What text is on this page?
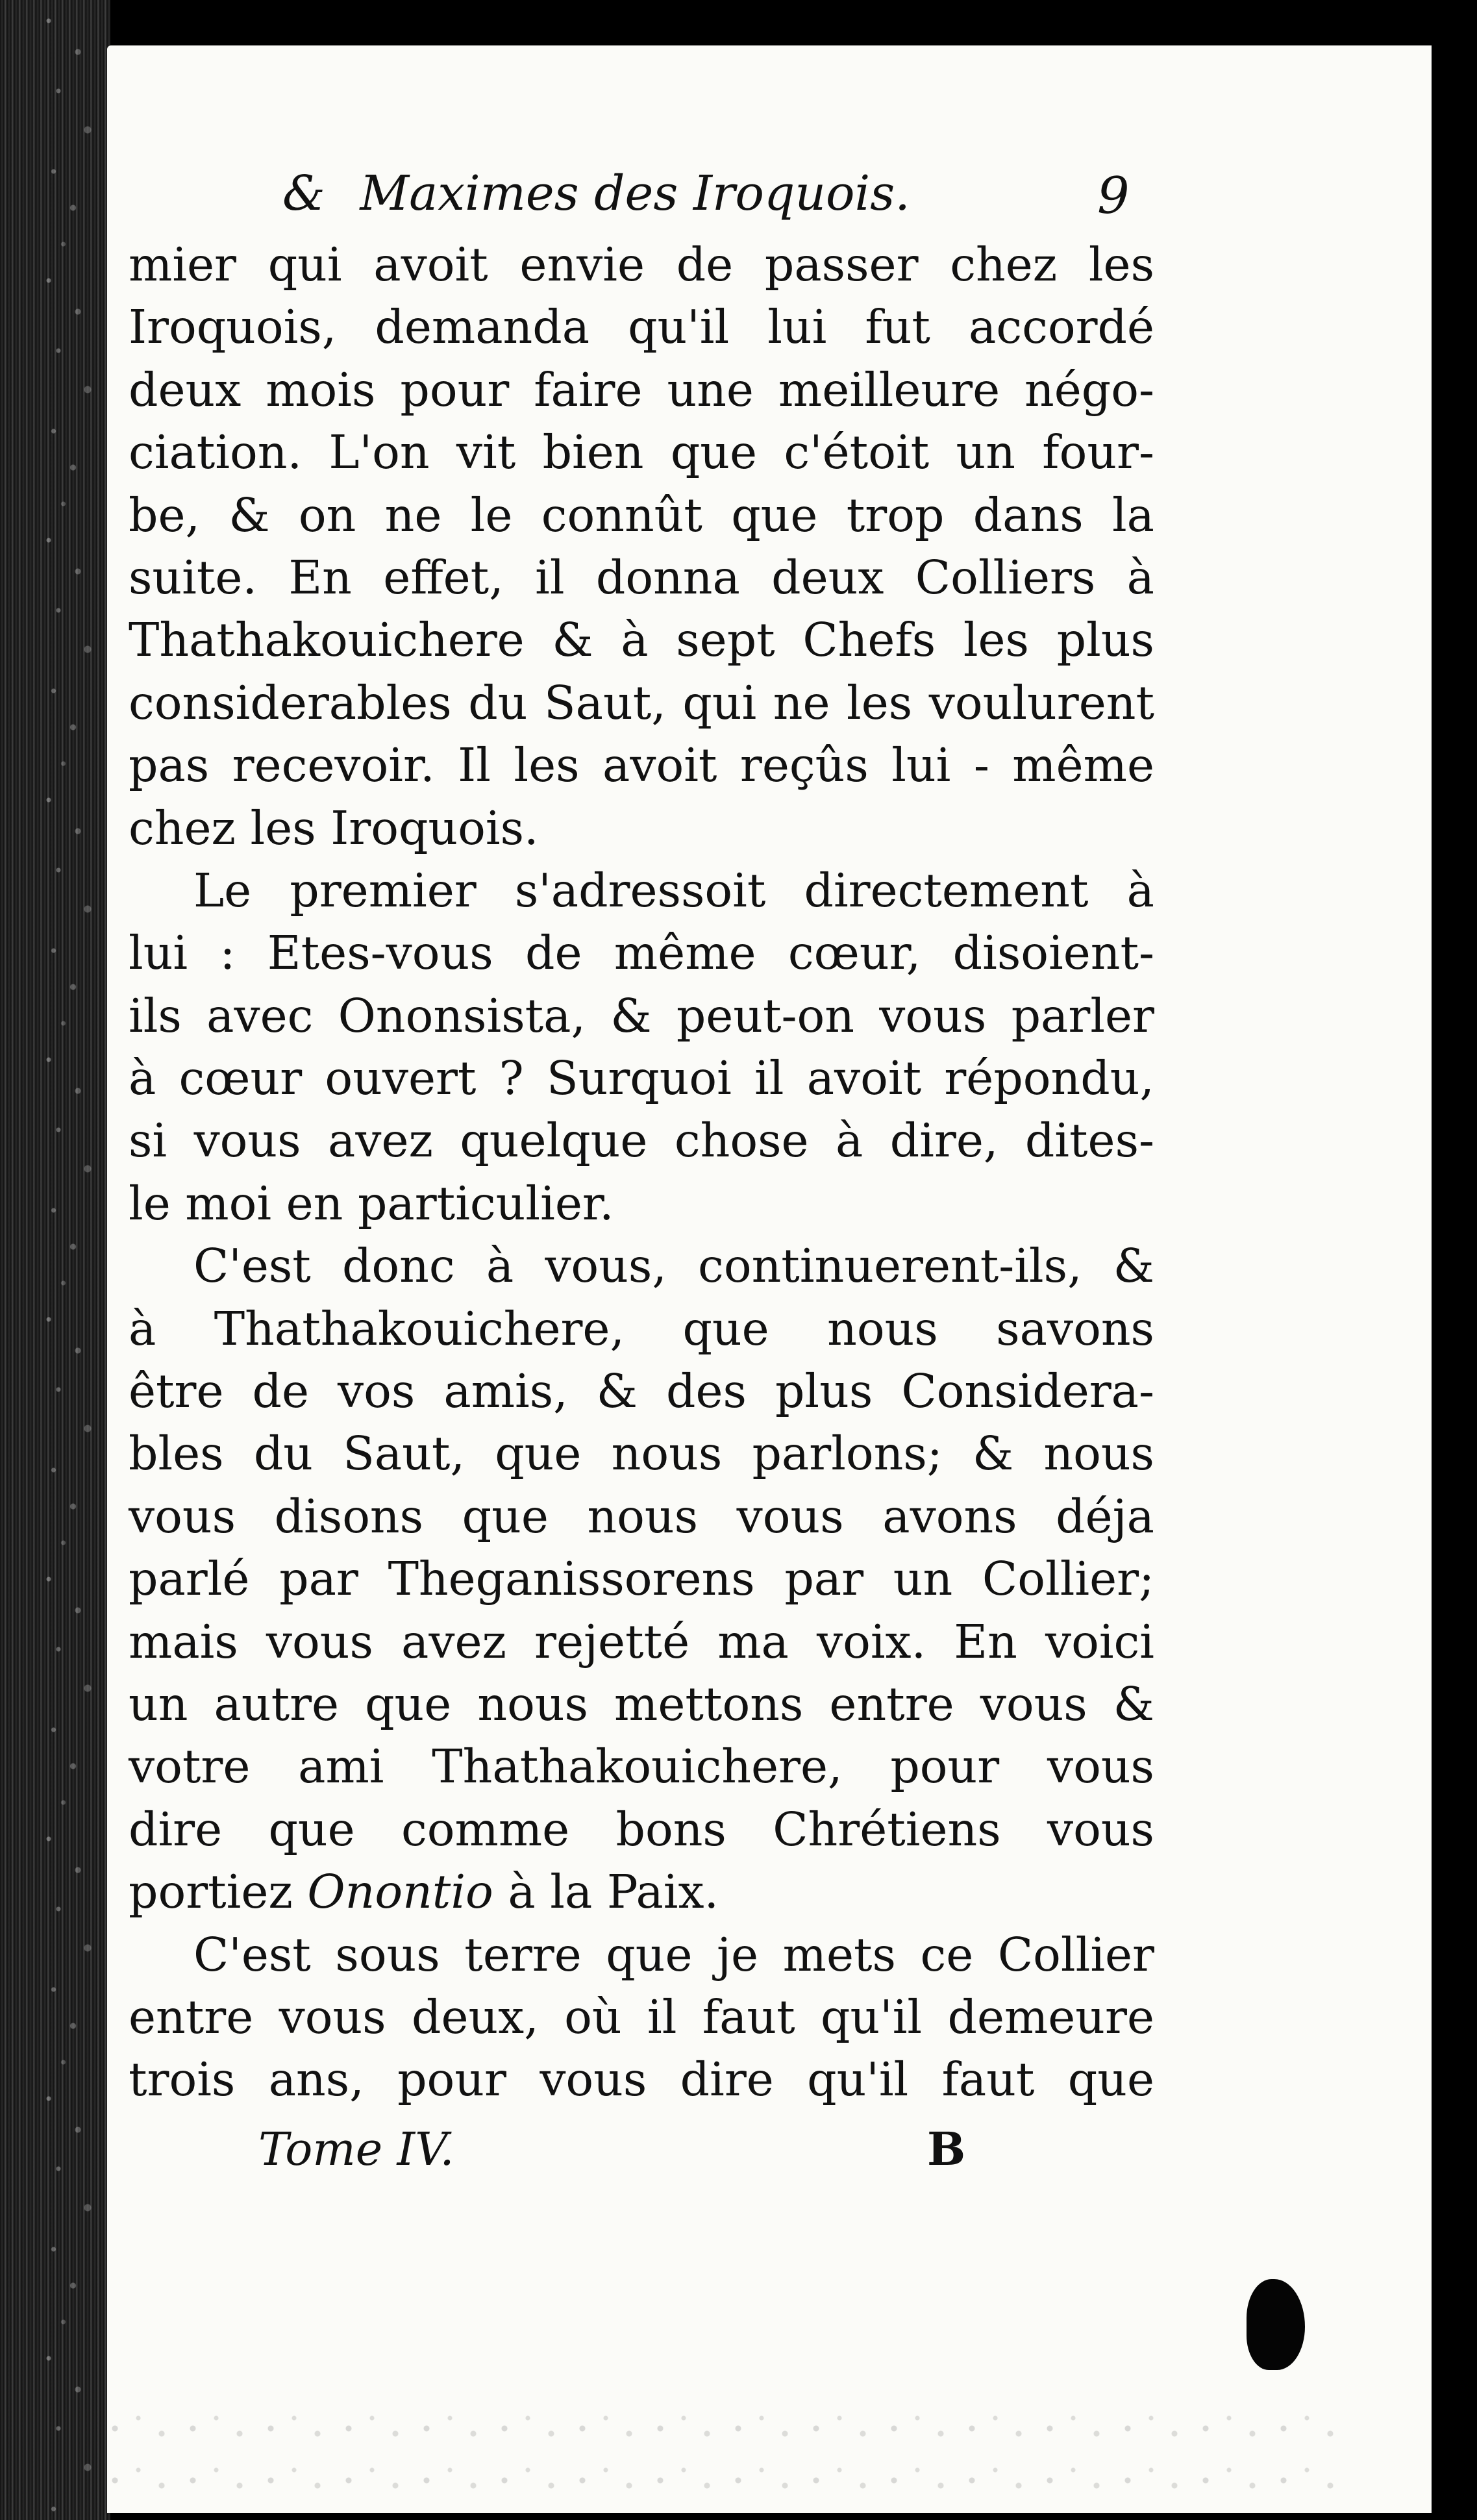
& Maximes des Iroquois.	9
mier qui avoit envie de passer chez les
Iroquois, demanda qu'il lui fut accordé
deux mois pour faire une meilleure négo-
ciation. L'on vit bien que c'étoit un four-
be, & on ne le connût que trop dans la
suite. En effet, il donna deux Colliers à
Thathakouichere & à sept Chefs les plus
considerables du Saut, qui ne les voulurent
pas recevoir. Il les avoit reçûs lui - même
chez les Iroquois.
Le premier s'adressoit directement à
lui : Etes-vous de même cœur, disoient-
ils avec Ononsista, & peut-on vous parler
à cœur ouvert ? Surquoi il avoit répondu,
si vous avez quelque chose à dire, dites-
le moi en particulier.
C'est donc à vous, continuerent-ils, &
à Thathakouichere, que nous savons
être de vos amis, & des plus Considera-
bles du Saut, que nous parlons; & nous
vous disons que nous vous avons déja
parlé par Theganissorens par un Collier;
mais vous avez rejetté ma voix. En voici
un autre que nous mettons entre vous &
votre ami Thathakouichere, pour vous
dire que comme bons Chrétiens vous
portiez Onontio à la Paix.
C'est sous terre que je mets ce Collier
entre vous deux, où il faut qu'il demeure
trois ans, pour vous dire qu'il faut que
Tome IV.	B
